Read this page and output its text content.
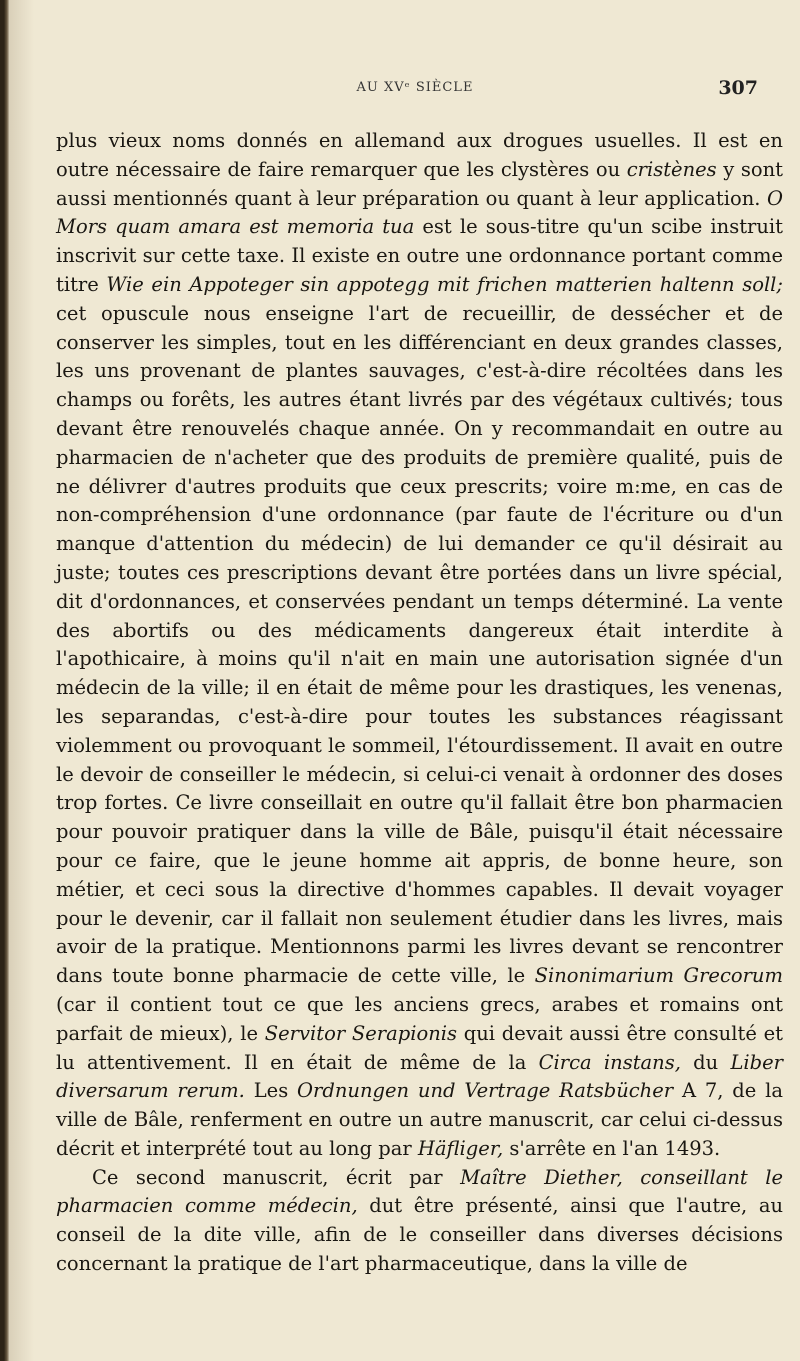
AU XVᵉ SIÈCLE	307

plus vieux noms donnés en allemand aux drogues usuelles. Il est en outre nécessaire de faire remarquer que les clystères ou cristènes y sont aussi mentionnés quant à leur préparation ou quant à leur application. O Mors quam amara est memoria tua est le sous-titre qu'un scibe instruit inscrivit sur cette taxe. Il existe en outre une ordonnance portant comme titre Wie ein Appoteger sin appotegg mit frichen matterien haltenn soll; cet opuscule nous enseigne l'art de recueillir, de dessécher et de conserver les simples, tout en les différenciant en deux grandes classes, les uns provenant de plantes sauvages, c'est-à-dire récoltées dans les champs ou forêts, les autres étant livrés par des végétaux cultivés; tous devant être renouvelés chaque année. On y recommandait en outre au pharmacien de n'acheter que des produits de première qualité, puis de ne délivrer d'autres produits que ceux prescrits; voire m:me, en cas de non-compréhension d'une ordonnance (par faute de l'écriture ou d'un manque d'attention du médecin) de lui demander ce qu'il désirait au juste; toutes ces prescriptions devant être portées dans un livre spécial, dit d'ordonnances, et conservées pendant un temps déterminé. La vente des abortifs ou des médicaments dangereux était interdite à l'apothicaire, à moins qu'il n'ait en main une autorisation signée d'un médecin de la ville; il en était de même pour les drastiques, les venenas, les separandas, c'est-à-dire pour toutes les substances réagissant violemment ou provoquant le sommeil, l'étourdissement. Il avait en outre le devoir de conseiller le médecin, si celui-ci venait à ordonner des doses trop fortes. Ce livre conseillait en outre qu'il fallait être bon pharmacien pour pouvoir pratiquer dans la ville de Bâle, puisqu'il était nécessaire pour ce faire, que le jeune homme ait appris, de bonne heure, son métier, et ceci sous la directive d'hommes capables. Il devait voyager pour le devenir, car il fallait non seulement étudier dans les livres, mais avoir de la pratique. Mentionnons parmi les livres devant se rencontrer dans toute bonne pharmacie de cette ville, le Sinonimarium Grecorum (car il contient tout ce que les anciens grecs, arabes et romains ont parfait de mieux), le Servitor Serapionis qui devait aussi être consulté et lu attentivement. Il en était de même de la Circa instans, du Liber diversarum rerum. Les Ordnungen und Vertrage Ratsbücher A 7, de la ville de Bâle, renferment en outre un autre manuscrit, car celui ci-dessus décrit et interprété tout au long par Häfliger, s'arrête en l'an 1493.

Ce second manuscrit, écrit par Maître Diether, conseillant le pharmacien comme médecin, dut être présenté, ainsi que l'autre, au conseil de la dite ville, afin de le conseiller dans diverses décisions concernant la pratique de l'art pharmaceutique, dans la ville de
